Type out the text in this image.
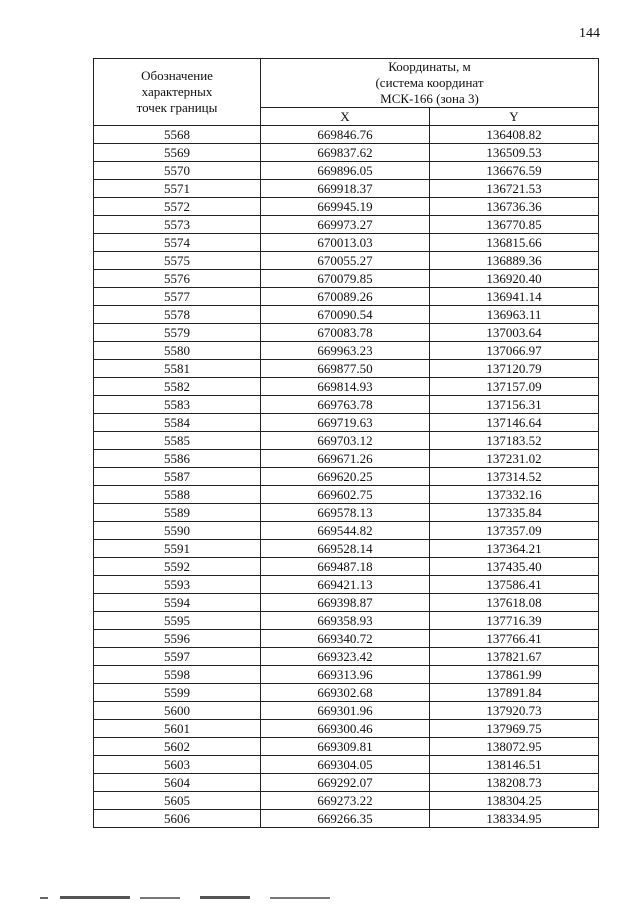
144
Обозначение
характерных
точек границы	Координаты, м
(система координат
МСК-166 (зона 3)	

	X	Y
5568	669846.76	136408.82
5569	669837.62	136509.53
5570	669896.05	136676.59
5571	669918.37	136721.53
5572	669945.19	136736.36
5573	669973.27	136770.85
5574	670013.03	136815.66
5575	670055.27	136889.36
5576	670079.85	136920.40
5577	670089.26	136941.14
5578	670090.54	136963.11
5579	670083.78	137003.64
5580	669963.23	137066.97
5581	669877.50	137120.79
5582	669814.93	137157.09
5583	669763.78	137156.31
5584	669719.63	137146.64
5585	669703.12	137183.52
5586	669671.26	137231.02
5587	669620.25	137314.52
5588	669602.75	137332.16
5589	669578.13	137335.84
5590	669544.82	137357.09
5591	669528.14	137364.21
5592	669487.18	137435.40
5593	669421.13	137586.41
5594	669398.87	137618.08
5595	669358.93	137716.39
5596	669340.72	137766.41
5597	669323.42	137821.67
5598	669313.96	137861.99
5599	669302.68	137891.84
5600	669301.96	137920.73
5601	669300.46	137969.75
5602	669309.81	138072.95
5603	669304.05	138146.51
5604	669292.07	138208.73
5605	669273.22	138304.25
5606	669266.35	138334.95
